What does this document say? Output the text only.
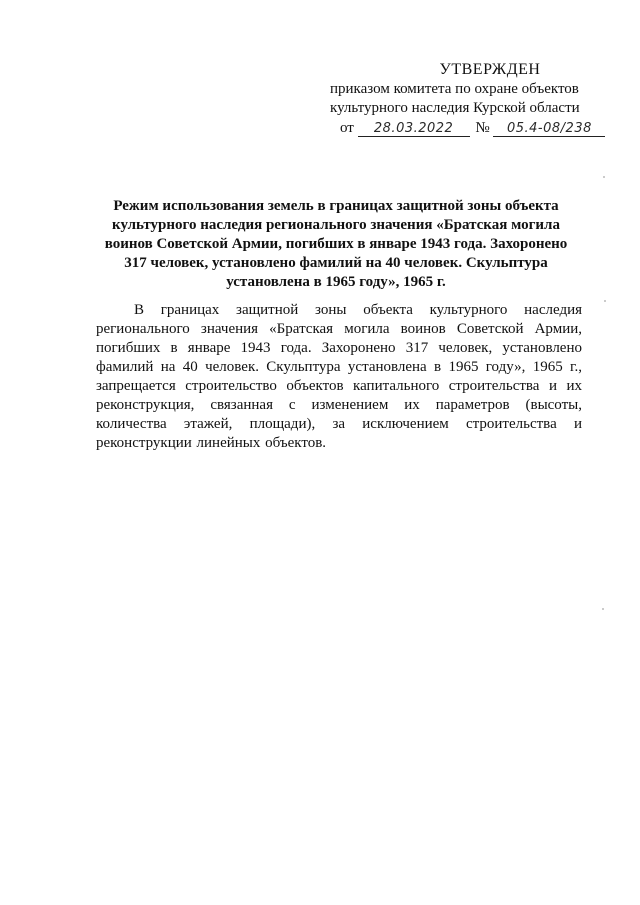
УТВЕРЖДЕН
приказом комитета по охране объектов
культурного наследия Курской области
от 28.03.2022 № 05.4-08/238

Режим использования земель в границах защитной зоны объекта культурного наследия регионального значения «Братская могила воинов Советской Армии, погибших в январе 1943 года. Захоронено 317 человек, установлено фамилий на 40 человек. Скульптура установлена в 1965 году», 1965 г.

В границах защитной зоны объекта культурного наследия регионального значения «Братская могила воинов Советской Армии, погибших в январе 1943 года. Захоронено 317 человек, установлено фамилий на 40 человек. Скульптура установлена в 1965 году», 1965 г., запрещается строительство объектов капитального строительства и их реконструкция, связанная с изменением их параметров (высоты, количества этажей, площади), за исключением строительства и реконструкции линейных объектов.
